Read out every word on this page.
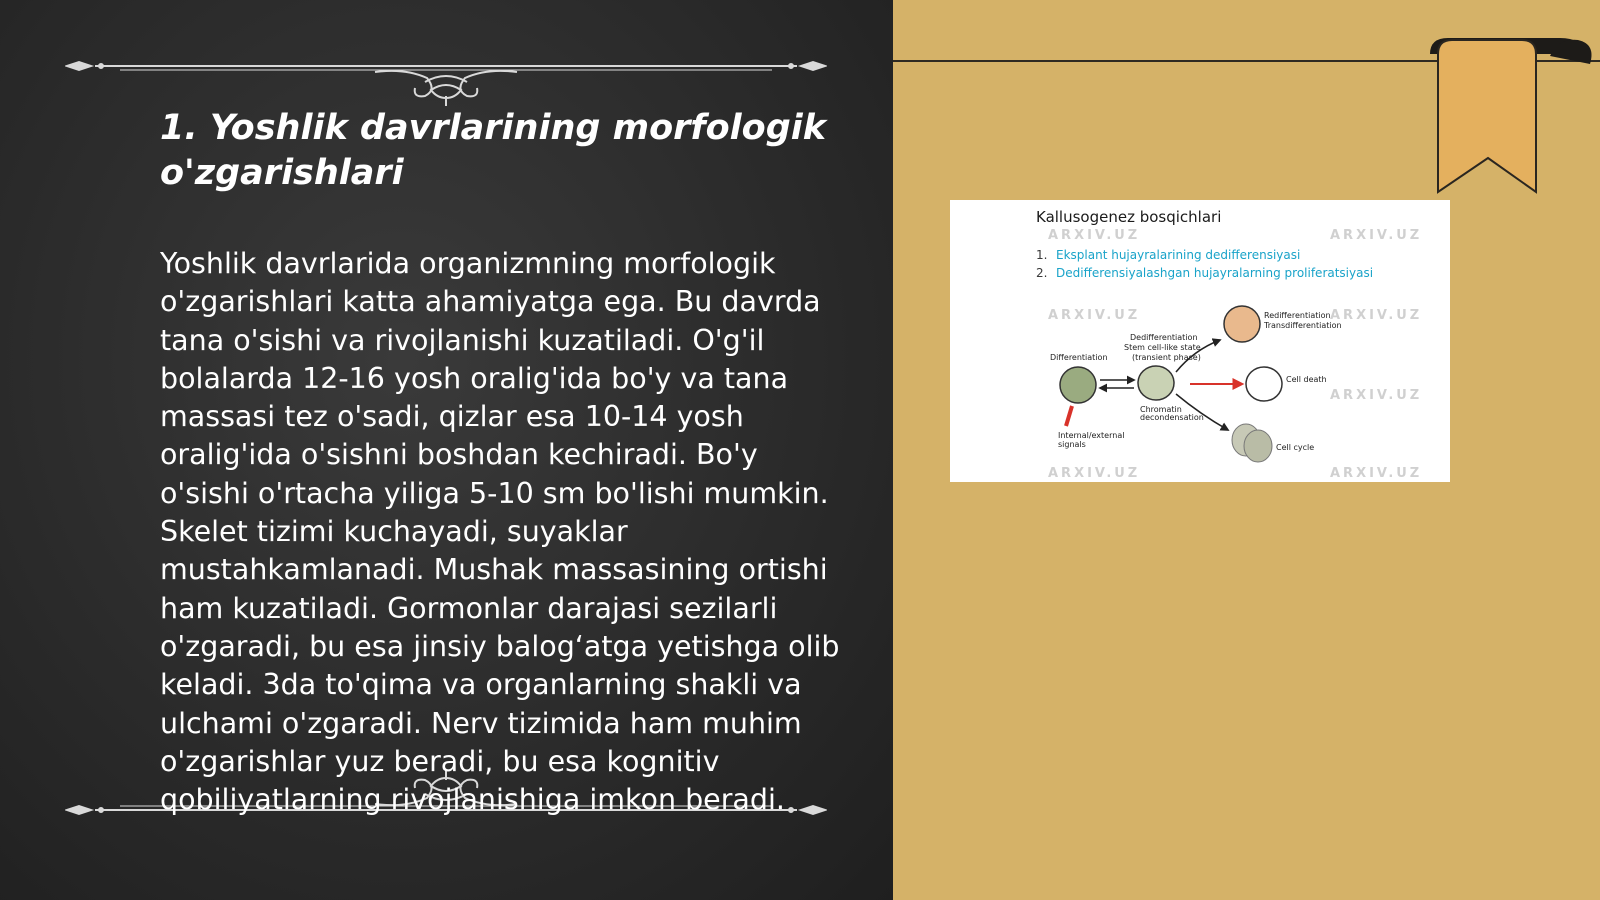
1. Yoshlik davrlarining morfologik o'zgarishlari
Yoshlik davrlarida organizmning morfologik o'zgarishlari katta ahamiyatga ega. Bu davrda tana o'sishi va rivojlanishi kuzatiladi. O'g'il bolalarda 12-16 yosh oralig'ida bo'y va tana massasi tez o'sadi, qizlar esa 10-14 yosh oralig'ida o'sishni boshdan kechiradi. Bo'y o'sishi o'rtacha yiliga 5-10 sm bo'lishi mumkin. Skelet tizimi kuchayadi, suyaklar mustahkamlanadi. Mushak massasining ortishi ham kuzatiladi. Gormonlar darajasi sezilarli o'zgaradi, bu esa jinsiy balog‘atga yetishga olib keladi. 3da to'qima va organlarning shakli va ulchami o'zgaradi. Nerv tizimida ham muhim o'zgarishlar yuz beradi, bu esa kognitiv qobiliyatlarning rivojlanishiga imkon beradi.
Differentiation
Dedifferentiation
Stem cell-like state
(transient phase)
Redifferentiation
Transdifferentiation
Cell death
Chromatin
decondensation
Internal/external
signals	Cell cycle
Kallusogenez bosqichlari
1. Eksplant hujayralarining dedifferensiyasi
2. Dedifferensiyalashgan hujayralarning proliferatsiyasi
ARXIV.UZ	ARXIV.UZ
ARXIV.UZ	ARXIV.UZ
ARXIV.UZ
ARXIV.UZ	ARXIV.UZ
